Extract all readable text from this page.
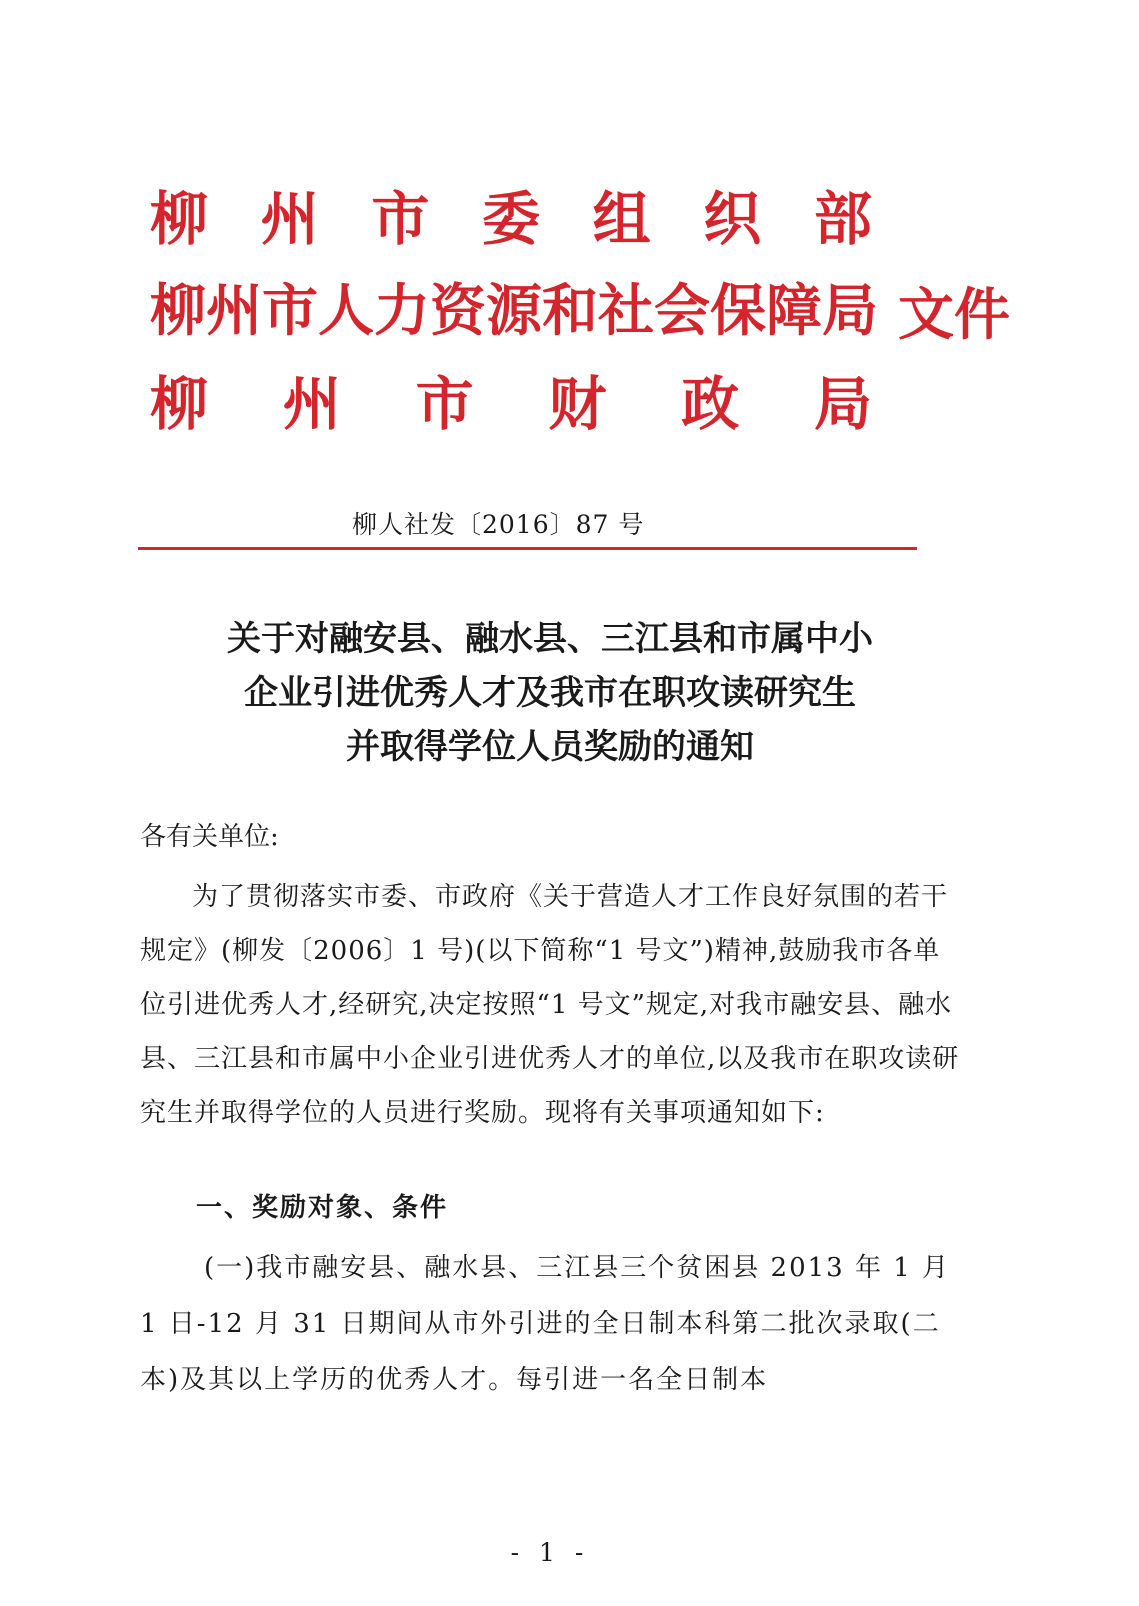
柳 州 市 委 组 织 部

柳州市人力资源和社会保障局 文件

柳 州 市 财 政 局

柳人社发〔2016〕87 号

关于对融安县、融水县、三江县和市属中小
企业引进优秀人才及我市在职攻读研究生
并取得学位人员奖励的通知

各有关单位:

为了贯彻落实市委、市政府《关于营造人才工作良好氛围的若干规定》(柳发〔2006〕1 号)(以下简称“1 号文”)精神,鼓励我市各单位引进优秀人才,经研究,决定按照“1 号文”规定,对我市融安县、融水县、三江县和市属中小企业引进优秀人才的单位,以及我市在职攻读研究生并取得学位的人员进行奖励。现将有关事项通知如下:

一、奖励对象、条件

(一)我市融安县、融水县、三江县三个贫困县 2013 年 1 月 1 日-12 月 31 日期间从市外引进的全日制本科第二批次录取(二本)及其以上学历的优秀人才。每引进一名全日制本

- 1 -
